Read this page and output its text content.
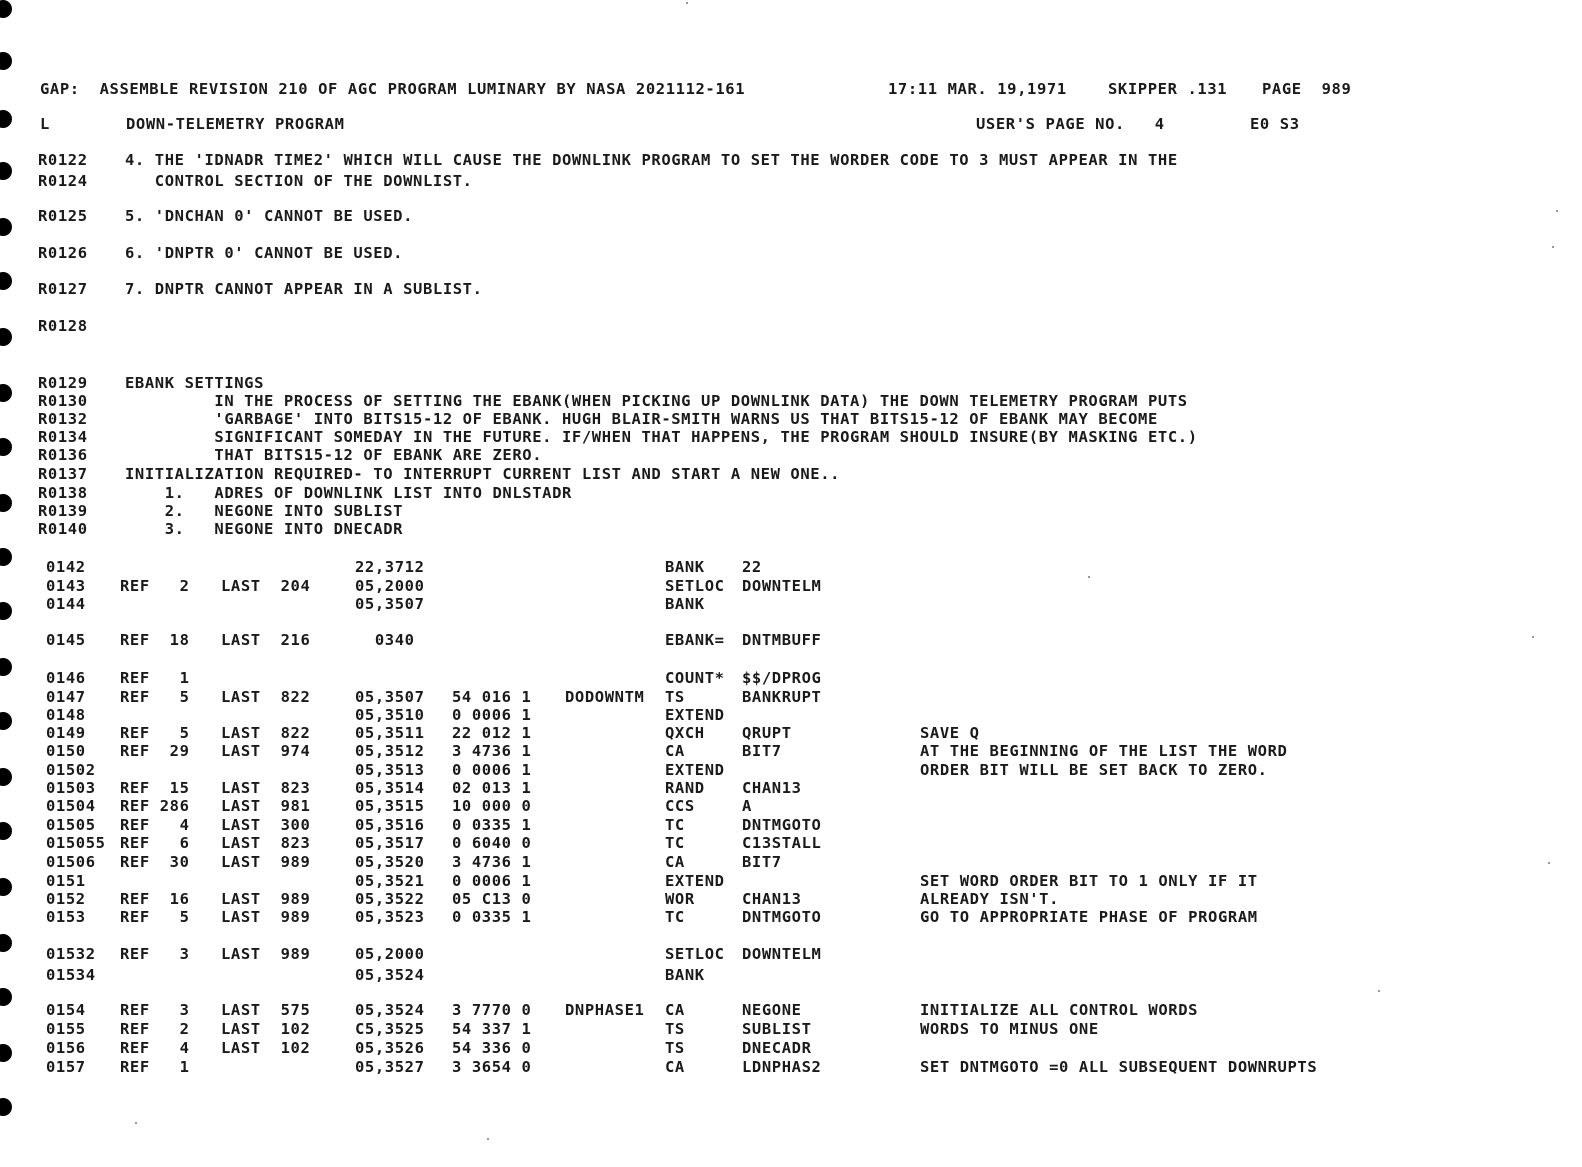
GAP:  ASSEMBLE REVISION 210 OF AGC PROGRAM LUMINARY BY NASA 2021112-161	17:11 MAR. 19,1971	SKIPPER .131 PAGE  989
L	DOWN-TELEMETRY PROGRAM	USER'S PAGE NO.   4	E0 S3
R0122 4. THE 'IDNADR TIME2' WHICH WILL CAUSE THE DOWNLINK PROGRAM TO SET THE WORDER CODE TO 3 MUST APPEAR IN THE
R0124 CONTROL SECTION OF THE DOWNLIST.
R0125 5. 'DNCHAN 0' CANNOT BE USED.
R0126 6. 'DNPTR 0' CANNOT BE USED.
R0127 7. DNPTR CANNOT APPEAR IN A SUBLIST.
R0128
R0129 EBANK SETTINGS
R0130 IN THE PROCESS OF SETTING THE EBANK(WHEN PICKING UP DOWNLINK DATA) THE DOWN TELEMETRY PROGRAM PUTS
R0132 'GARBAGE' INTO BITS15-12 OF EBANK. HUGH BLAIR-SMITH WARNS US THAT BITS15-12 OF EBANK MAY BECOME
R0134 SIGNIFICANT SOMEDAY IN THE FUTURE. IF/WHEN THAT HAPPENS, THE PROGRAM SHOULD INSURE(BY MASKING ETC.)
R0136 THAT BITS15-12 OF EBANK ARE ZERO.
R0137 INITIALIZATION REQUIRED- TO INTERRUPT CURRENT LIST AND START A NEW ONE..
R0138 1.   ADRES OF DOWNLINK LIST INTO DNLSTADR
R0139 2.   NEGONE INTO SUBLIST
R0140 3.   NEGONE INTO DNECADR
0142	22,3712	BANK 22
0143 REF   2 LAST  204	05,2000	SETLOC DOWNTELM
0144	05,3507	BANK
0145 REF  18 LAST  216	0340	EBANK= DNTMBUFF
0146 REF   1	COUNT* $$/DPROG
0147 REF   5 LAST  822	05,3507 54 016 1 DODOWNTM TS	BANKRUPT
0148	05,3510 0 0006 1	EXTEND
0149 REF   5 LAST  822	05,3511 22 012 1	QXCH QRUPT	SAVE Q
0150 REF  29 LAST  974	05,3512 3 4736 1	CA	BIT7	AT THE BEGINNING OF THE LIST THE WORD
01502	05,3513 0 0006 1	EXTEND	ORDER BIT WILL BE SET BACK TO ZERO.
01503 REF  15 LAST  823	05,3514 02 013 1	RAND CHAN13
01504 REF 286 LAST  981	05,3515 10 000 0	CCS	A
01505 REF   4 LAST  300	05,3516 0 0335 1	TC	DNTMGOTO
015055 REF   6 LAST  823	05,3517 0 6040 0	TC	C13STALL
01506 REF  30 LAST  989	05,3520 3 4736 1	CA	BIT7
0151	05,3521 0 0006 1	EXTEND	SET WORD ORDER BIT TO 1 ONLY IF IT
0152 REF  16 LAST  989	05,3522 05 C13 0	WOR	CHAN13	ALREADY ISN'T.
0153 REF   5 LAST  989	05,3523 0 0335 1	TC	DNTMGOTO	GO TO APPROPRIATE PHASE OF PROGRAM
01532 REF   3 LAST  989	05,2000	SETLOC DOWNTELM
01534	05,3524	BANK
0154 REF   3 LAST  575	05,3524 3 7770 0 DNPHASE1 CA	NEGONE	INITIALIZE ALL CONTROL WORDS
0155 REF   2 LAST  102	C5,3525 54 337 1	TS	SUBLIST	WORDS TO MINUS ONE
0156 REF   4 LAST  102	05,3526 54 336 0	TS	DNECADR
0157 REF   1	05,3527 3 3654 0	CA	LDNPHAS2	SET DNTMGOTO =0 ALL SUBSEQUENT DOWNRUPTS
